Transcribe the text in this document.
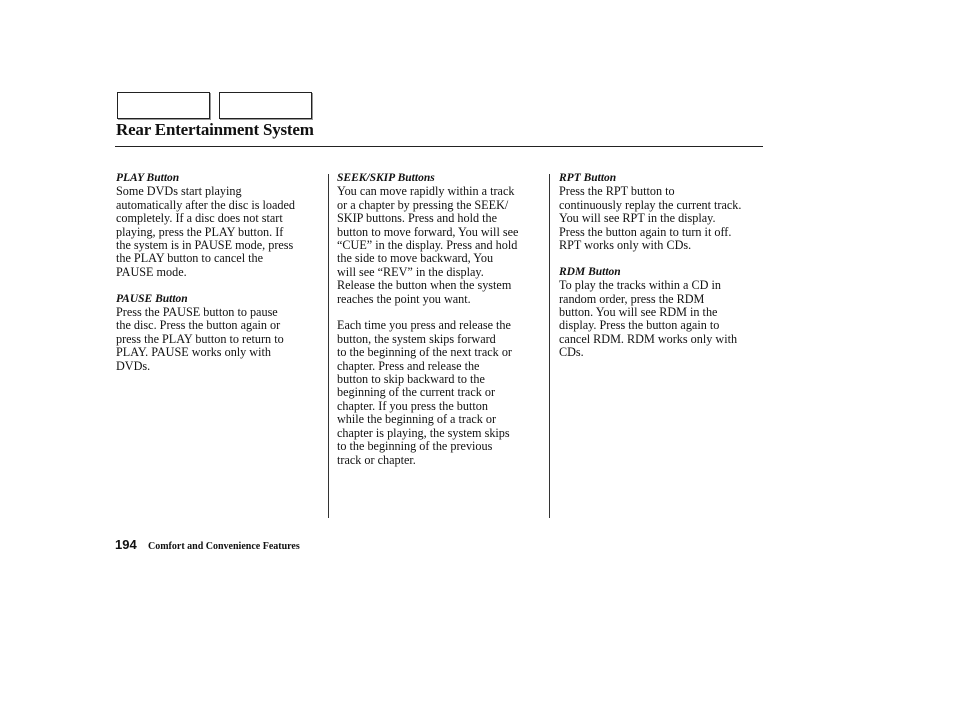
Rear Entertainment System

PLAY Button

Some DVDs start playing
automatically after the disc is loaded
completely. If a disc does not start
playing, press the PLAY button. If
the system is in PAUSE mode, press
the PLAY button to cancel the
PAUSE mode.

PAUSE Button

Press the PAUSE button to pause
the disc. Press the button again or
press the PLAY button to return to
PLAY. PAUSE works only with
DVDs.

SEEK/SKIP Buttons

You can move rapidly within a track
or a chapter by pressing the SEEK/
SKIP buttons. Press and hold the
button to move forward, You will see
“CUE” in the display. Press and hold
the side to move backward, You
will see “REV” in the display.
Release the button when the system
reaches the point you want.

Each time you press and release the
button, the system skips forward
to the beginning of the next track or
chapter. Press and release the
button to skip backward to the
beginning of the current track or
chapter. If you press the button
while the beginning of a track or
chapter is playing, the system skips
to the beginning of the previous
track or chapter.

RPT Button

Press the RPT button to
continuously replay the current track.
You will see RPT in the display.
Press the button again to turn it off.
RPT works only with CDs.

RDM Button

To play the tracks within a CD in
random order, press the RDM
button. You will see RDM in the
display. Press the button again to
cancel RDM. RDM works only with
CDs.

194 Comfort and Convenience Features
